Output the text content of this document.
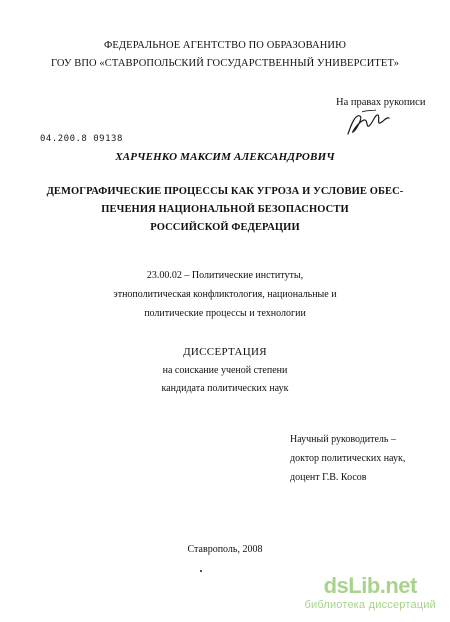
ФЕДЕРАЛЬНОЕ АГЕНТСТВО ПО ОБРАЗОВАНИЮ
ГОУ ВПО «СТАВРОПОЛЬСКИЙ ГОСУДАРСТВЕННЫЙ УНИВЕРСИТЕТ»
На правах рукописи
04.200.8 09138
ХАРЧЕНКО МАКСИМ АЛЕКСАНДРОВИЧ
ДЕМОГРАФИЧЕСКИЕ ПРОЦЕССЫ КАК УГРОЗА И УСЛОВИЕ ОБЕС-
ПЕЧЕНИЯ НАЦИОНАЛЬНОЙ БЕЗОПАСНОСТИ
РОССИЙСКОЙ ФЕДЕРАЦИИ
23.00.02 – Политические институты,
этнополитическая конфликтология, национальные и
политические процессы и технологии
ДИССЕРТАЦИЯ
на соискание ученой степени
кандидата политических наук
Научный руководитель –
доктор политических наук,
доцент Г.В. Косов
Ставрополь, 2008
dsLib.net
библиотека диссертаций
